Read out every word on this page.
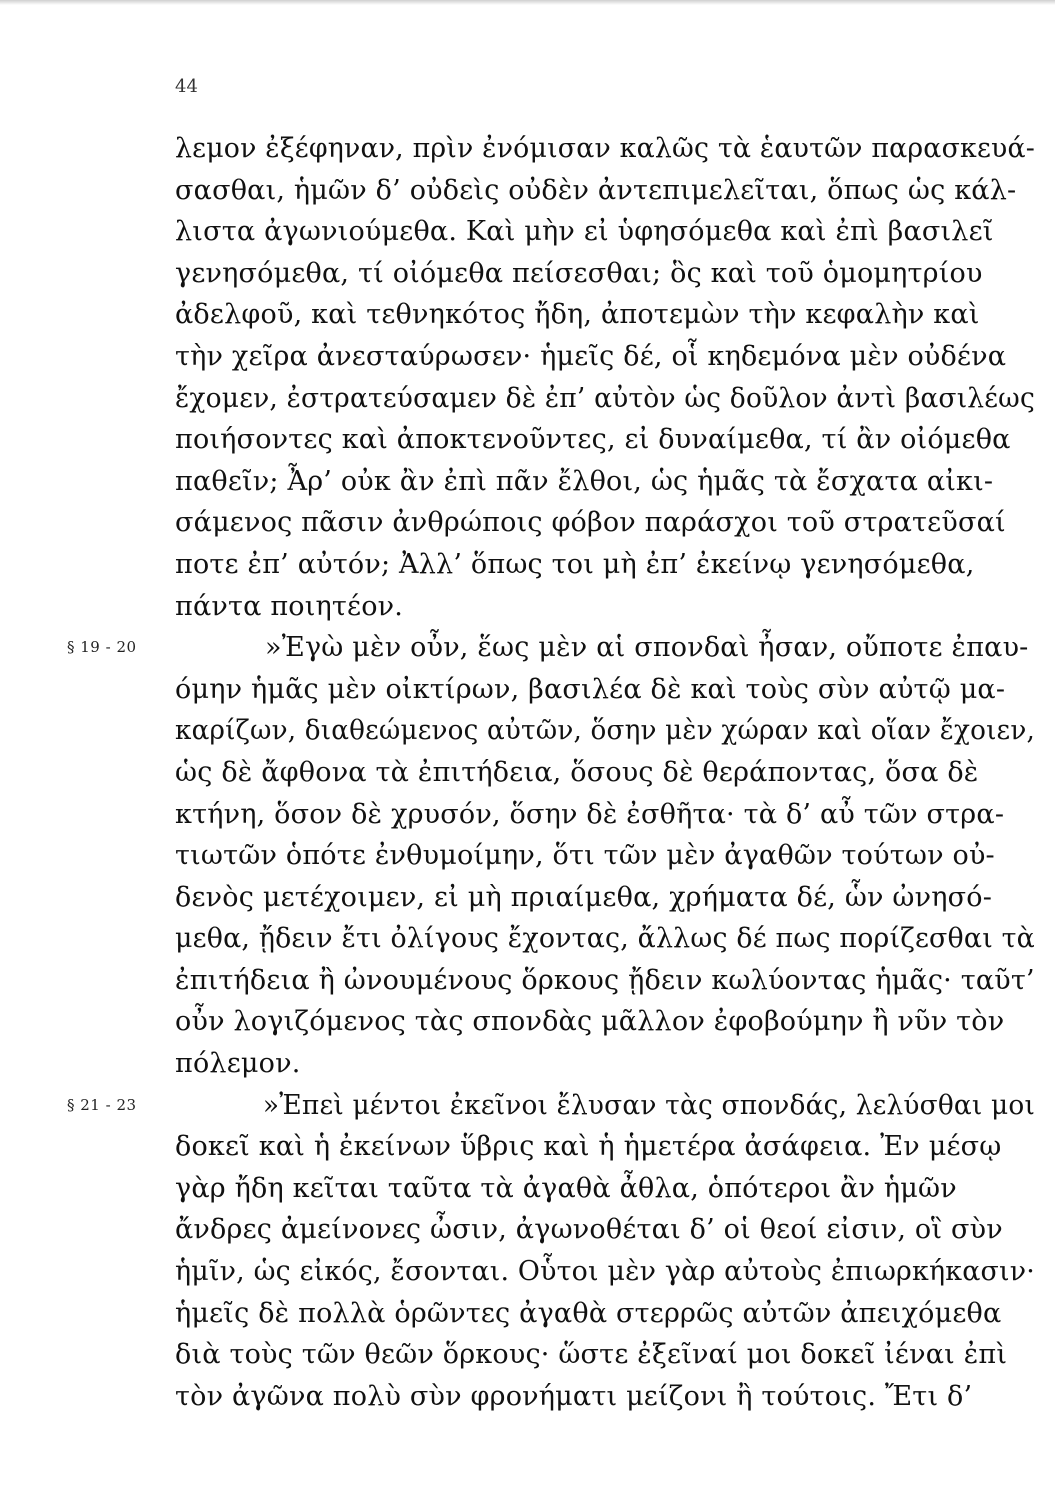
44
λεμον ἐξέφηναν, πρὶν ἐνόμισαν καλῶς τὰ ἑαυτῶν παρασκευά-
σασθαι, ἡμῶν δ’ οὐδεὶς οὐδὲν ἀντεπιμελεῖται, ὅπως ὡς κάλ-
λιστα ἀγωνιούμεθα. Καὶ μὴν εἰ ὑφησόμεθα καὶ ἐπὶ βασιλεῖ
γενησόμεθα, τί οἰόμεθα πείσεσθαι; ὃς καὶ τοῦ ὁμομητρίου
ἀδελφοῦ, καὶ τεθνηκότος ἤδη, ἀποτεμὼν τὴν κεφαλὴν καὶ
τὴν χεῖρα ἀνεσταύρωσεν· ἡμεῖς δέ, οἷ κηδεμόνα μὲν οὐδένα
ἔχομεν, ἐστρατεύσαμεν δὲ ἐπ’ αὐτὸν ὡς δοῦλον ἀντὶ βασιλέως
ποιήσοντες καὶ ἀποκτενοῦντες, εἰ δυναίμεθα, τί ἂν οἰόμεθα
παθεῖν; Ἆρ’ οὐκ ἂν ἐπὶ πᾶν ἔλθοι, ὡς ἡμᾶς τὰ ἔσχατα αἰκι-
σάμενος πᾶσιν ἀνθρώποις φόβον παράσχοι τοῦ στρατεῦσαί
ποτε ἐπ’ αὐτόν; Ἀλλ’ ὅπως τοι μὴ ἐπ’ ἐκείνῳ γενησόμεθα,
πάντα ποιητέον.
§ 19 - 20	»Ἐγὼ μὲν οὖν, ἕως μὲν αἱ σπονδαὶ ἦσαν, οὔποτε ἐπαυ-
όμην ἡμᾶς μὲν οἰκτίρων, βασιλέα δὲ καὶ τοὺς σὺν αὐτῷ μα-
καρίζων, διαθεώμενος αὐτῶν, ὅσην μὲν χώραν καὶ οἵαν ἔχοιεν,
ὡς δὲ ἄφθονα τὰ ἐπιτήδεια, ὅσους δὲ θεράποντας, ὅσα δὲ
κτήνη, ὅσον δὲ χρυσόν, ὅσην δὲ ἐσθῆτα· τὰ δ’ αὖ τῶν στρα-
τιωτῶν ὁπότε ἐνθυμοίμην, ὅτι τῶν μὲν ἀγαθῶν τούτων οὐ-
δενὸς μετέχοιμεν, εἰ μὴ πριαίμεθα, χρήματα δέ, ὧν ὠνησό-
μεθα, ᾔδειν ἔτι ὀλίγους ἔχοντας, ἄλλως δέ πως πορίζεσθαι τὰ
ἐπιτήδεια ἢ ὠνουμένους ὅρκους ᾔδειν κωλύοντας ἡμᾶς· ταῦτ’
οὖν λογιζόμενος τὰς σπονδὰς μᾶλλον ἐφοβούμην ἢ νῦν τὸν
πόλεμον.
§ 21 - 23	»Ἐπεὶ μέντοι ἐκεῖνοι ἔλυσαν τὰς σπονδάς, λελύσθαι μοι
δοκεῖ καὶ ἡ ἐκείνων ὕβρις καὶ ἡ ἡμετέρα ἀσάφεια. Ἐν μέσῳ
γὰρ ἤδη κεῖται ταῦτα τὰ ἀγαθὰ ἆθλα, ὁπότεροι ἂν ἡμῶν
ἄνδρες ἀμείνονες ὦσιν, ἀγωνοθέται δ’ οἱ θεοί εἰσιν, οἳ σὺν
ἡμῖν, ὡς εἰκός, ἔσονται. Οὗτοι μὲν γὰρ αὐτοὺς ἐπιωρκήκασιν·
ἡμεῖς δὲ πολλὰ ὁρῶντες ἀγαθὰ στερρῶς αὐτῶν ἀπειχόμεθα
διὰ τοὺς τῶν θεῶν ὅρκους· ὥστε ἐξεῖναί μοι δοκεῖ ἰέναι ἐπὶ
τὸν ἀγῶνα πολὺ σὺν φρονήματι μείζονι ἢ τούτοις. Ἔτι δ’
